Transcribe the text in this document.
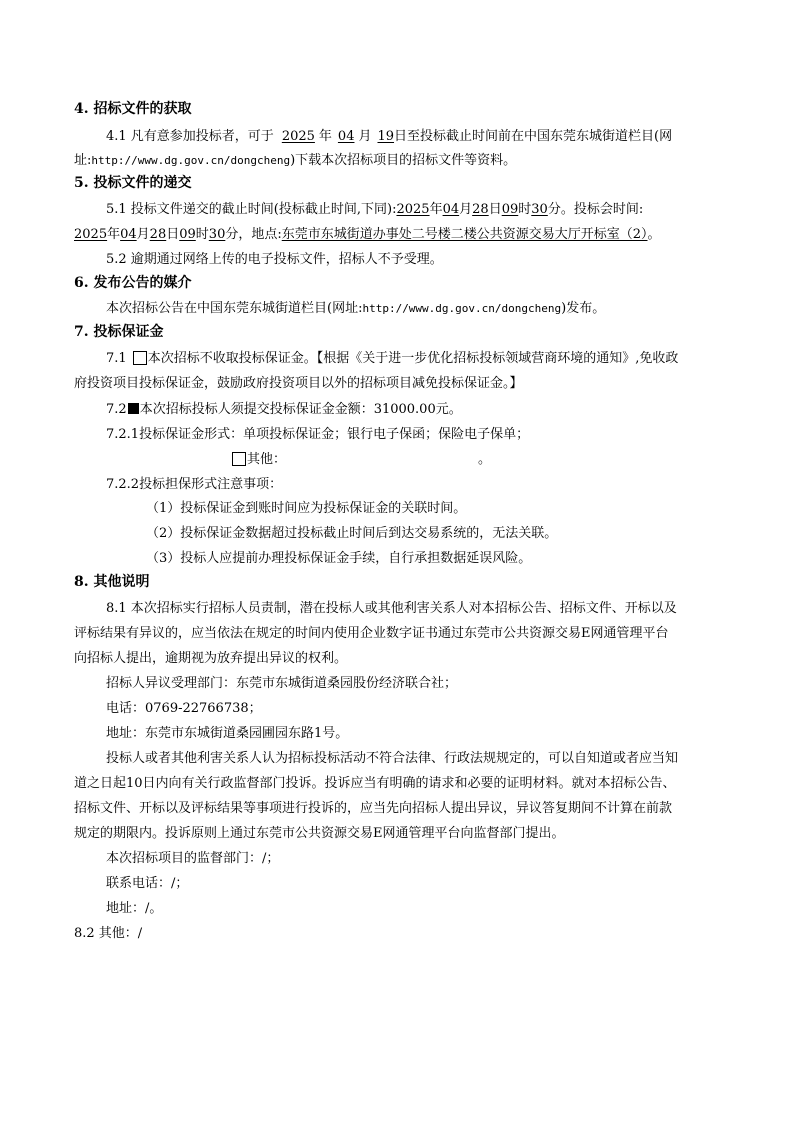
4. 招标文件的获取
4.1 凡有意参加投标者，可于 2025 年 04 月 19日至投标截止时间前在中国东莞东城街道栏目(网
址:http://www.dg.gov.cn/dongcheng)下载本次招标项目的招标文件等资料。
5. 投标文件的递交
5.1 投标文件递交的截止时间(投标截止时间,下同):2025年04月28日09时30分。投标会时间:
2025年04月28日09时30分，地点:东莞市东城街道办事处二号楼二楼公共资源交易大厅开标室（2）。
5.2 逾期通过网络上传的电子投标文件，招标人不予受理。
6. 发布公告的媒介
本次招标公告在中国东莞东城街道栏目(网址:http://www.dg.gov.cn/dongcheng)发布。
7. 投标保证金
7.1 本次招标不收取投标保证金。【根据《关于进一步优化招标投标领域营商环境的通知》,免收政
府投资项目投标保证金，鼓励政府投资项目以外的招标项目减免投标保证金。】
7.2 本次招标投标人须提交投标保证金金额：31000.00元。
7.2.1投标保证金形式：单项投标保证金；银行电子保函；保险电子保单；
其他：	。
7.2.2投标担保形式注意事项：
（1）投标保证金到账时间应为投标保证金的关联时间。
（2）投标保证金数据超过投标截止时间后到达交易系统的，无法关联。
（3）投标人应提前办理投标保证金手续，自行承担数据延误风险。
8. 其他说明
8.1 本次招标实行招标人员责制，潜在投标人或其他利害关系人对本招标公告、招标文件、开标以及
评标结果有异议的，应当依法在规定的时间内使用企业数字证书通过东莞市公共资源交易E网通管理平台
向招标人提出，逾期视为放弃提出异议的权利。
招标人异议受理部门：东莞市东城街道桑园股份经济联合社；
电话：0769-22766738；
地址：东莞市东城街道桑园圃园东路1号。
投标人或者其他利害关系人认为招标投标活动不符合法律、行政法规规定的，可以自知道或者应当知
道之日起10日内向有关行政监督部门投诉。投诉应当有明确的请求和必要的证明材料。就对本招标公告、
招标文件、开标以及评标结果等事项进行投诉的，应当先向招标人提出异议，异议答复期间不计算在前款
规定的期限内。投诉原则上通过东莞市公共资源交易E网通管理平台向监督部门提出。
本次招标项目的监督部门：/；
联系电话：/；
地址：/。
8.2 其他：/
